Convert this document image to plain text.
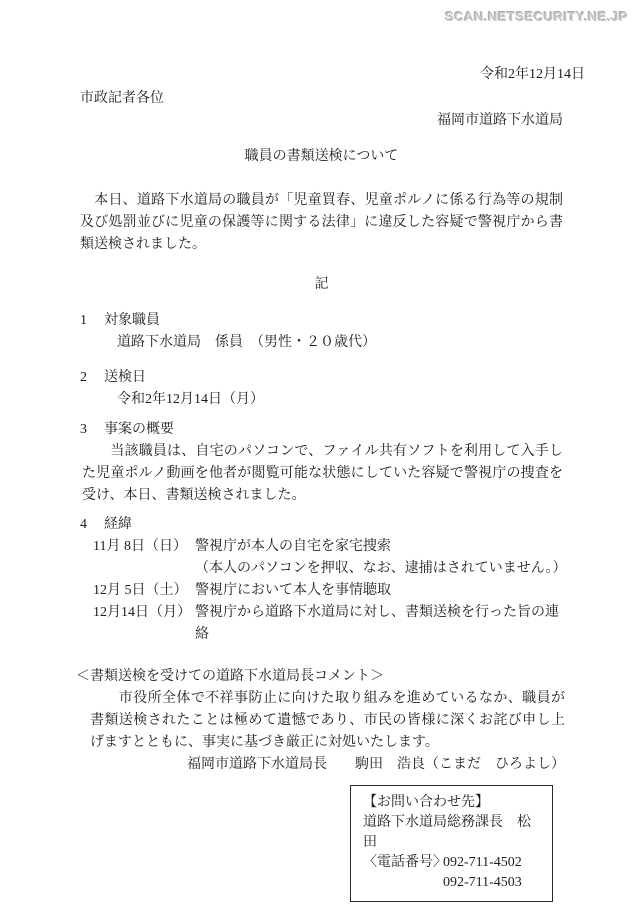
SCAN.NETSECURITY.NE.JP
令和2年12月14日
市政記者各位
福岡市道路下水道局
職員の書類送検について
　本日、道路下水道局の職員が「児童買春、児童ポルノに係る行為等の規制及び処罰並びに児童の保護等に関する法律」に違反した容疑で警視庁から書類送検されました。
記
1 対象職員
道路下水道局　係員　（男性・２０歳代）
2 送検日
令和2年12月14日（月）
3 事案の概要
　　当該職員は、自宅のパソコンで、ファイル共有ソフトを利用して入手した児童ポルノ動画を他者が閲覧可能な状態にしていた容疑で警視庁の捜査を受け、本日、書類送検されました。
4 経緯
11月 8日（日） 警視庁が本人の自宅を家宅捜索
（本人のパソコンを押収、なお、逮捕はされていません。）
12月 5日（土） 警視庁において本人を事情聴取
12月14日（月） 警視庁から道路下水道局に対し、書類送検を行った旨の連絡
＜書類送検を受けての道路下水道局長コメント＞
　　市役所全体で不祥事防止に向けた取り組みを進めているなか、職員が書類送検されたことは極めて遺憾であり、市民の皆様に深くお詫び申し上げますとともに、事実に基づき厳正に対処いたします。
福岡市道路下水道局長　　駒田　浩良（こまだ　ひろよし）
【お問い合わせ先】
道路下水道局総務課長　松田
〈電話番号〉
092-711-4502
092-711-4503
